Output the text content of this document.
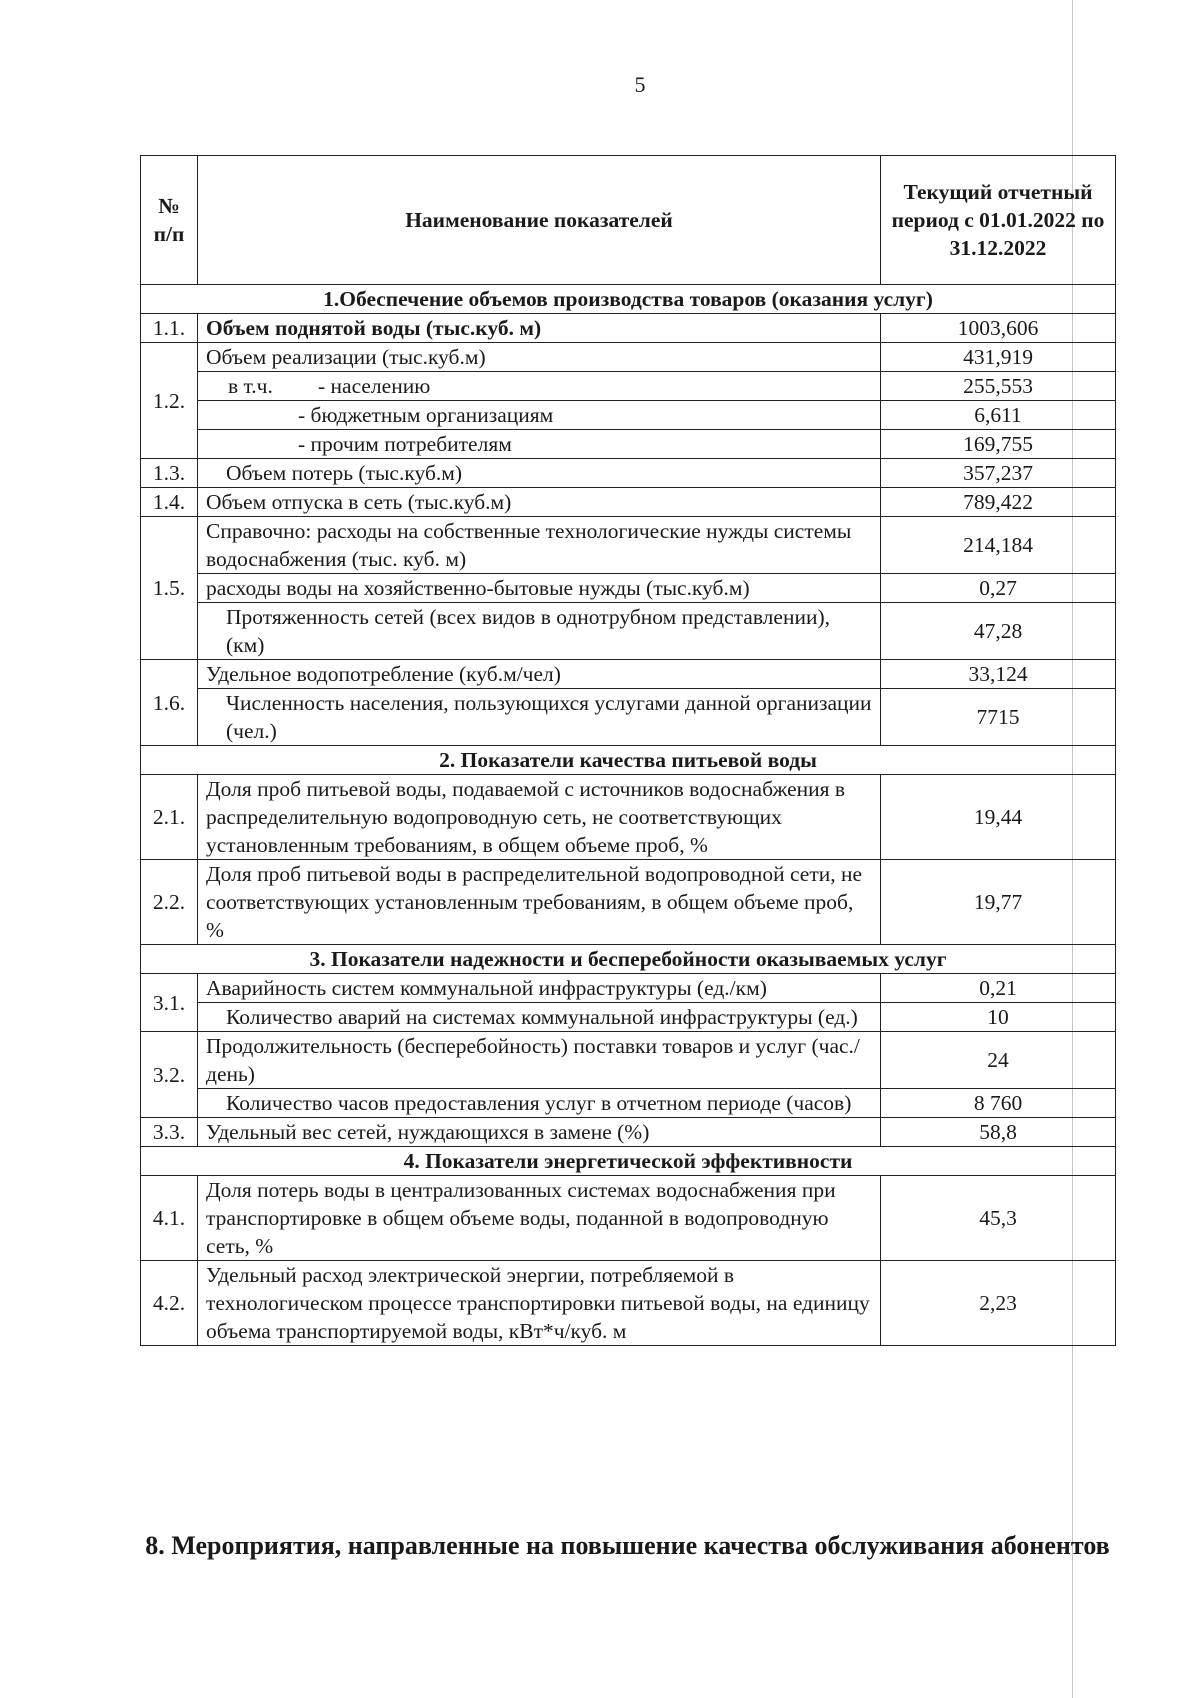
5
№ п/п	Наименование показателей	Текущий отчетный период с 01.01.2022 по 31.12.2022
1.Обеспечение объемов производства товаров (оказания услуг)		
1.1.	Объем поднятой воды (тыс.куб. м)	1003,606
1.2.	Объем реализации (тыс.куб.м)	431,919
	в т.ч. - населению	255,553
	- бюджетным организациям	6,611
	- прочим потребителям	169,755
1.3.	Объем потерь (тыс.куб.м)	357,237
1.4.	Объем отпуска в сеть (тыс.куб.м)	789,422
1.5.	Справочно: расходы на собственные технологические нужды системы водоснабжения (тыс. куб. м)	214,184
	расходы воды на хозяйственно-бытовые нужды (тыс.куб.м)	0,27
	Протяженность сетей (всех видов в однотрубном представлении), (км)	47,28
1.6.	Удельное водопотребление (куб.м/чел)	33,124
	Численность населения, пользующихся услугами данной организации (чел.)	7715
2. Показатели качества питьевой воды		
2.1.	Доля проб питьевой воды, подаваемой с источников водоснабжения в распределительную водопроводную сеть, не соответствующих установленным требованиям, в общем объеме проб, %	19,44
2.2.	Доля проб питьевой воды в распределительной водопроводной сети, не соответствующих установленным требованиям, в общем объеме проб, %	19,77
3. Показатели надежности и бесперебойности оказываемых услуг		
3.1.	Аварийность систем коммунальной инфраструктуры (ед./км)	0,21
	Количество аварий на системах коммунальной инфраструктуры (ед.)	10
3.2.	Продолжительность (бесперебойность) поставки товаров и услуг (час./день)	24
	Количество часов предоставления услуг в отчетном периоде (часов)	8 760
3.3.	Удельный вес сетей, нуждающихся в замене (%)	58,8
4. Показатели энергетической эффективности		
4.1.	Доля потерь воды в централизованных системах водоснабжения при транспортировке в общем объеме воды, поданной в водопроводную сеть, %	45,3
4.2.	Удельный расход электрической энергии, потребляемой в технологическом процессе транспортировки питьевой воды, на единицу объема транспортируемой воды, кВт*ч/куб. м	2,23
8. Мероприятия, направленные на повышение качества обслуживания абонентов
